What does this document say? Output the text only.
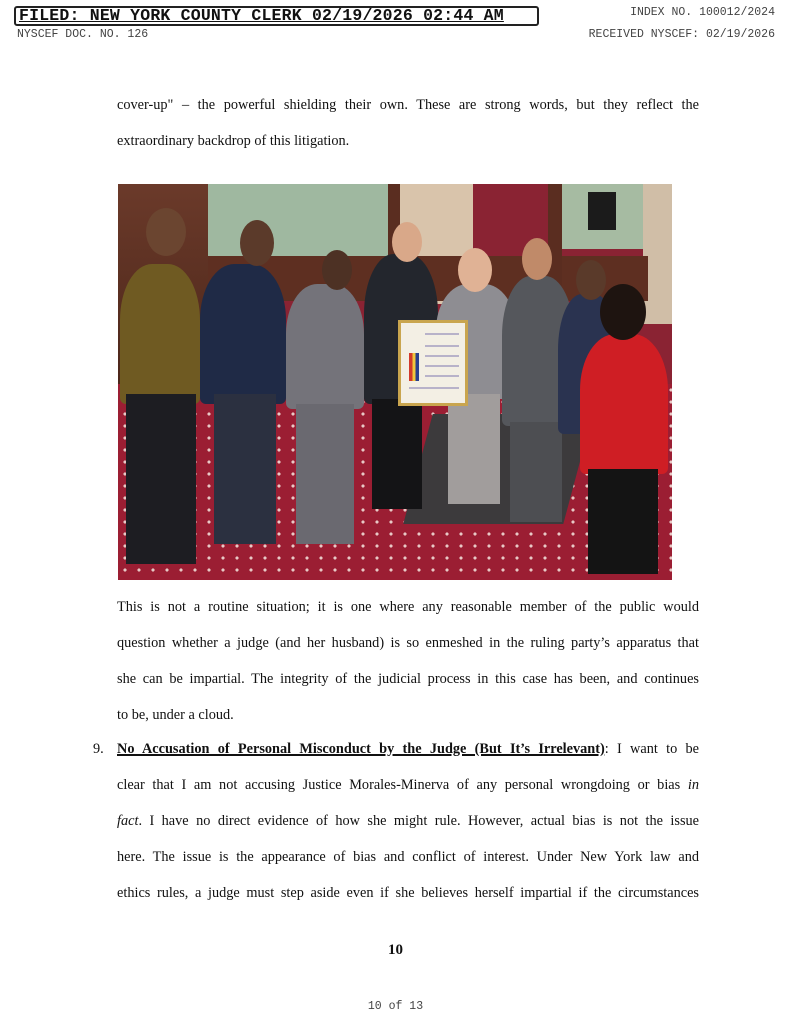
FILED: NEW YORK COUNTY CLERK 02/19/2026 02:44 AM
NYSCEF DOC. NO. 126
INDEX NO. 100012/2024
RECEIVED NYSCEF: 02/19/2026
cover-up" – the powerful shielding their own. These are strong words, but they reflect the
extraordinary backdrop of this litigation.
This is not a routine situation; it is one where any reasonable member of the public would
question whether a judge (and her husband) is so enmeshed in the ruling party’s apparatus that
she can be impartial. The integrity of the judicial process in this case has been, and continues
to be, under a cloud.
9. No Accusation of Personal Misconduct by the Judge (But It’s Irrelevant): I want to be
clear that I am not accusing Justice Morales-Minerva of any personal wrongdoing or bias in
fact. I have no direct evidence of how she might rule. However, actual bias is not the issue
here. The issue is the appearance of bias and conflict of interest. Under New York law and
ethics rules, a judge must step aside even if she believes herself impartial if the circumstances
10
10 of 13
